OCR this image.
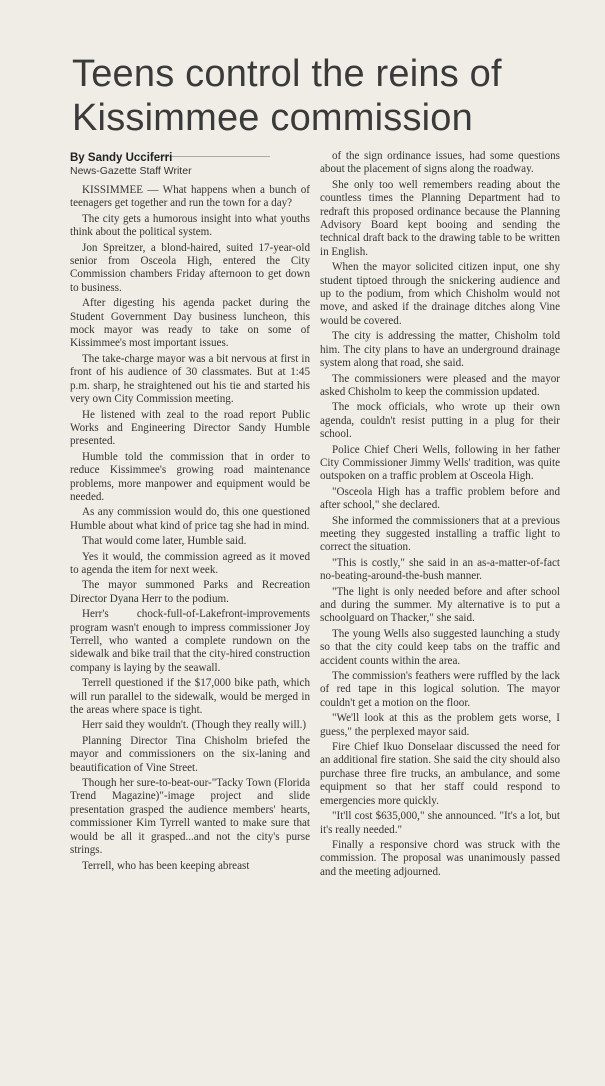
Teens control the reins of Kissimmee commission
By Sandy Ucciferri
News-Gazette Staff Writer

KISSIMMEE — What happens when a bunch of teenagers get together and run the town for a day?

The city gets a humorous insight into what youths think about the political system.

Jon Spreitzer, a blond-haired, suited 17-year-old senior from Osceola High, entered the City Commission chambers Friday afternoon to get down to business.

After digesting his agenda packet during the Student Government Day business luncheon, this mock mayor was ready to take on some of Kissimmee's most important issues.

The take-charge mayor was a bit nervous at first in front of his audience of 30 classmates. But at 1:45 p.m. sharp, he straightened out his tie and started his very own City Commission meeting.

He listened with zeal to the road report Public Works and Engineering Director Sandy Humble presented.

Humble told the commission that in order to reduce Kissimmee's growing road maintenance problems, more manpower and equipment would be needed.

As any commission would do, this one questioned Humble about what kind of price tag she had in mind.

That would come later, Humble said.

Yes it would, the commission agreed as it moved to agenda the item for next week.

The mayor summoned Parks and Recreation Director Dyana Herr to the podium.

Herr's chock-full-of-Lakefront-improvements program wasn't enough to impress commissioner Joy Terrell, who wanted a complete rundown on the sidewalk and bike trail that the city-hired construction company is laying by the seawall.

Terrell questioned if the $17,000 bike path, which will run parallel to the sidewalk, would be merged in the areas where space is tight.

Herr said they wouldn't. (Though they really will.)

Planning Director Tina Chisholm briefed the mayor and commissioners on the six-laning and beautification of Vine Street.

Though her sure-to-beat-our-"Tacky Town (Florida Trend Magazine)"-image project and slide presentation grasped the audience members' hearts, commissioner Kim Tyrrell wanted to make sure that would be all it grasped...and not the city's purse strings.

Terrell, who has been keeping abreast

of the sign ordinance issues, had some questions about the placement of signs along the roadway.

She only too well remembers reading about the countless times the Planning Department had to redraft this proposed ordinance because the Planning Advisory Board kept booing and sending the technical draft back to the drawing table to be written in English.

When the mayor solicited citizen input, one shy student tiptoed through the snickering audience and up to the podium, from which Chisholm would not move, and asked if the drainage ditches along Vine would be covered.

The city is addressing the matter, Chisholm told him. The city plans to have an underground drainage system along that road, she said.

The commissioners were pleased and the mayor asked Chisholm to keep the commission updated.

The mock officials, who wrote up their own agenda, couldn't resist putting in a plug for their school.

Police Chief Cheri Wells, following in her father City Commissioner Jimmy Wells' tradition, was quite outspoken on a traffic problem at Osceola High.

"Osceola High has a traffic problem before and after school," she declared.

She informed the commissioners that at a previous meeting they suggested installing a traffic light to correct the situation.

"This is costly," she said in an as-a-matter-of-fact no-beating-around-the-bush manner.

"The light is only needed before and after school and during the summer. My alternative is to put a schoolguard on Thacker," she said.

The young Wells also suggested launching a study so that the city could keep tabs on the traffic and accident counts within the area.

The commission's feathers were ruffled by the lack of red tape in this logical solution. The mayor couldn't get a motion on the floor.

"We'll look at this as the problem gets worse, I guess," the perplexed mayor said.

Fire Chief Ikuo Donselaar discussed the need for an additional fire station. She said the city should also purchase three fire trucks, an ambulance, and some equipment so that her staff could respond to emergencies more quickly.

"It'll cost $635,000," she announced. "It's a lot, but it's really needed."

Finally a responsive chord was struck with the commission. The proposal was unanimously passed and the meeting adjourned.
